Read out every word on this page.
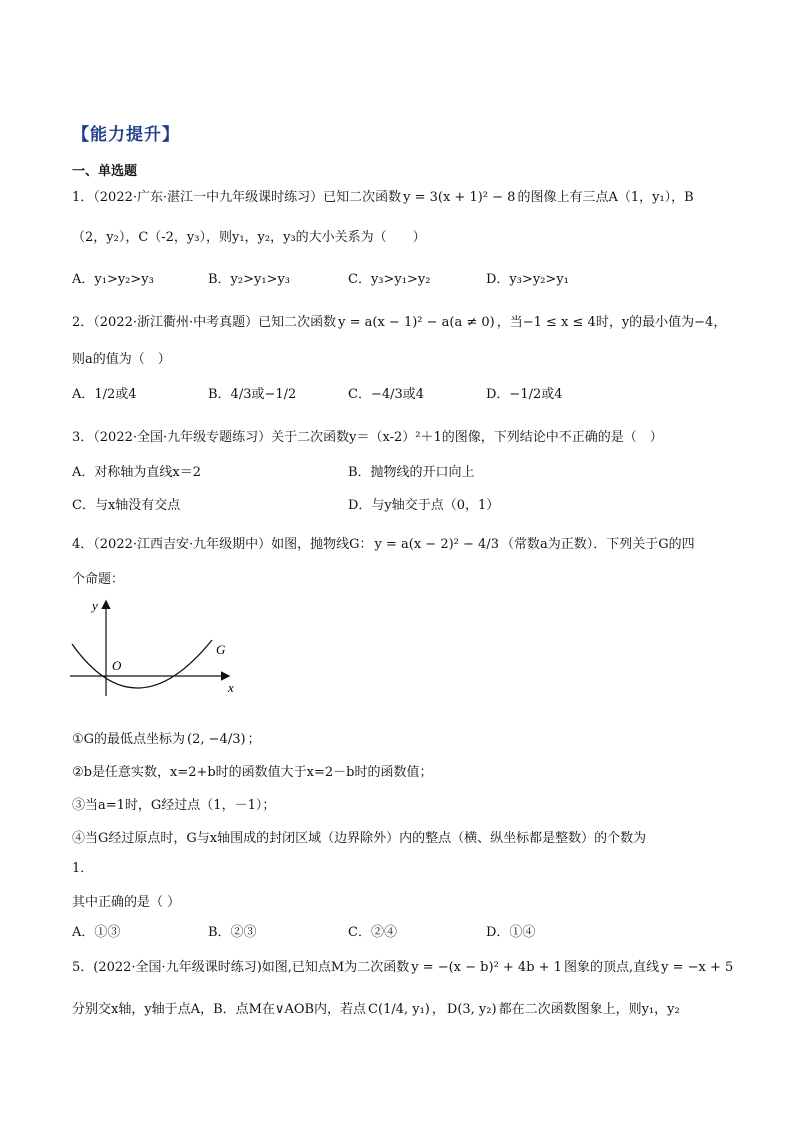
【能力提升】
一、单选题
1．（2022·广东·湛江一中九年级课时练习）已知二次函数 y = 3(x + 1)² − 8 的图像上有三点A（1，y₁），B
（2，y₂），C（-2，y₃），则y₁，y₂，y₃的大小关系为（　　）
A．y₁>y₂>y₃	B．y₂>y₁>y₃	C．y₃>y₁>y₂	D．y₃>y₂>y₁
2．（2022·浙江衢州·中考真题）已知二次函数 y = a(x − 1)² − a(a ≠ 0) ，当−1 ≤ x ≤ 4时，y的最小值为−4，
则a的值为（　）
A．1/2或4	B．4/3或−1/2	C．−4/3或4	D．−1/2或4
3．（2022·全国·九年级专题练习）关于二次函数y＝（x-2）²＋1的图像，下列结论中不正确的是（　）
A．对称轴为直线x＝2	B．抛物线的开口向上
C．与x轴没有交点	D．与y轴交于点（0，1）
4．（2022·江西吉安·九年级期中）如图，抛物线G： y = a(x − 2)² − 4/3 （常数a为正数）．下列关于G的四
个命题：
y
x
O
G
①G的最低点坐标为 (2, −4/3) ；
②b是任意实数，x=2+b时的函数值大于x=2－b时的函数值；
③当a=1时，G经过点（1，－1）；
④当G经过原点时，G与x轴围成的封闭区域（边界除外）内的整点（横、纵坐标都是整数）的个数为
1．
其中正确的是（ ）
A．①③	B．②③	C．②④	D．①④
5．(2022·全国·九年级课时练习)如图,已知点M为二次函数 y = −(x − b)² + 4b + 1 图象的顶点,直线 y = −x + 5
分别交x轴，y轴于点A，B．点M在∨AOB内，若点 C(1/4, y₁) ， D(3, y₂) 都在二次函数图象上，则y₁，y₂
